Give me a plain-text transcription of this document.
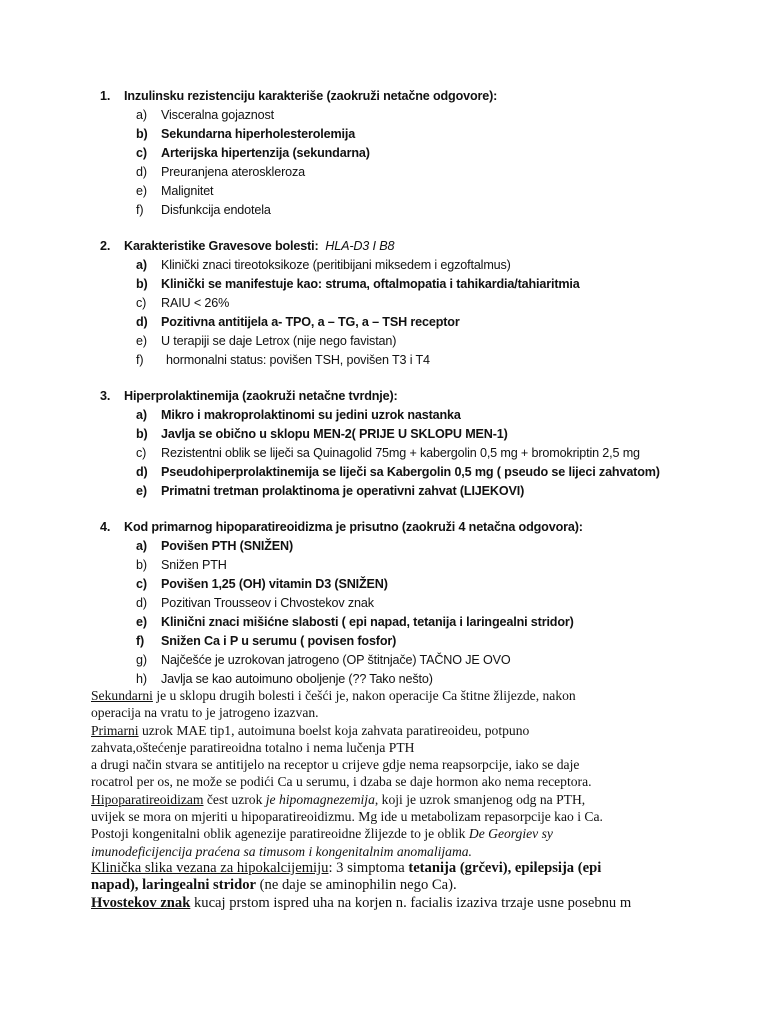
1. Inzulinsku rezistenciju karakteriše (zaokruži netačne odgovore):
a) Visceralna gojaznost
b) Sekundarna hiperholesterolemija
c) Arterijska hipertenzija (sekundarna)
d) Preuranjena ateroskleroza
e) Malignitet
f) Disfunkcija endotela
2. Karakteristike Gravesove bolesti: HLA-D3 I B8
a) Klinički znaci tireotoksikoze (peritibijani miksedem i egzoftalmus)
b) Klinički se manifestuje kao: struma, oftalmopatia i tahikardia/tahiaritmia
c) RAIU < 26%
d) Pozitivna antitijela a- TPO, a – TG, a – TSH receptor
e) U terapiji se daje Letrox (nije nego favistan)
f) hormonalni status: povišen TSH, povišen T3 i T4
3. Hiperprolaktinemija (zaokruži netačne tvrdnje):
a) Mikro i makroprolaktinomi su jedini uzrok nastanka
b) Javlja se obično u sklopu MEN-2( PRIJE U SKLOPU MEN-1)
c) Rezistentni oblik se liječi sa Quinagolid 75mg + kabergolin 0,5 mg + bromokriptin 2,5 mg
d) Pseudohiperprolaktinemija se liječi sa Kabergolin 0,5 mg ( pseudo se lijeci zahvatom)
e) Primatni tretman prolaktinoma je operativni zahvat (LIJEKOVI)
4. Kod primarnog hipoparatireoidizma je prisutno (zaokruži 4 netačna odgovora):
a) Povišen PTH (SNIŽEN)
b) Snižen PTH
c) Povišen 1,25 (OH) vitamin D3 (SNIŽEN)
d) Pozitivan Trousseov i Chvostekov znak
e) Klinični znaci mišićne slabosti ( epi napad, tetanija i laringealni stridor)
f) Snižen Ca i P u serumu ( povisen fosfor)
g) Najčešće je uzrokovan jatrogeno (OP štitnjače) TAČNO JE OVO
h) Javlja se kao autoimuno oboljenje (?? Tako nešto)
Sekundarni je u sklopu drugih bolesti i češći je, nakon operacije Ca štitne žlijezde, nakon
operacija na vratu to je jatrogeno izazvan.
Primarni uzrok MAE tip1, autoimuna boelst koja zahvata paratireoideu, potpuno
zahvata,oštećenje paratireoidna totalno i nema lučenja PTH
a drugi način stvara se antitijelo na receptor u crijeve gdje nema reapsorpcije, iako se daje
rocatrol per os, ne može se podići Ca u serumu, i dzaba se daje hormon ako nema receptora.
Hipoparatireoidizam čest uzrok je hipomagnezemija, koji je uzrok smanjenog odg na PTH,
uvijek se mora on mjeriti u hipoparatireoidizmu. Mg ide u metabolizam repasorpcije kao i Ca.
Postoji kongenitalni oblik agenezije paratireoidne žlijezde to je oblik De Georgiev sy
imunodeficijencija praćena sa timusom i kongenitalnim anomalijama.
Klinička slika vezana za hipokalcijemiju: 3 simptoma tetanija (grčevi), epilepsija (epi
napad), laringealni stridor (ne daje se aminophilin nego Ca).
Hvostekov znak kucaj prstom ispred uha na korjen n. facialis izaziva trzaje usne posebnu m
